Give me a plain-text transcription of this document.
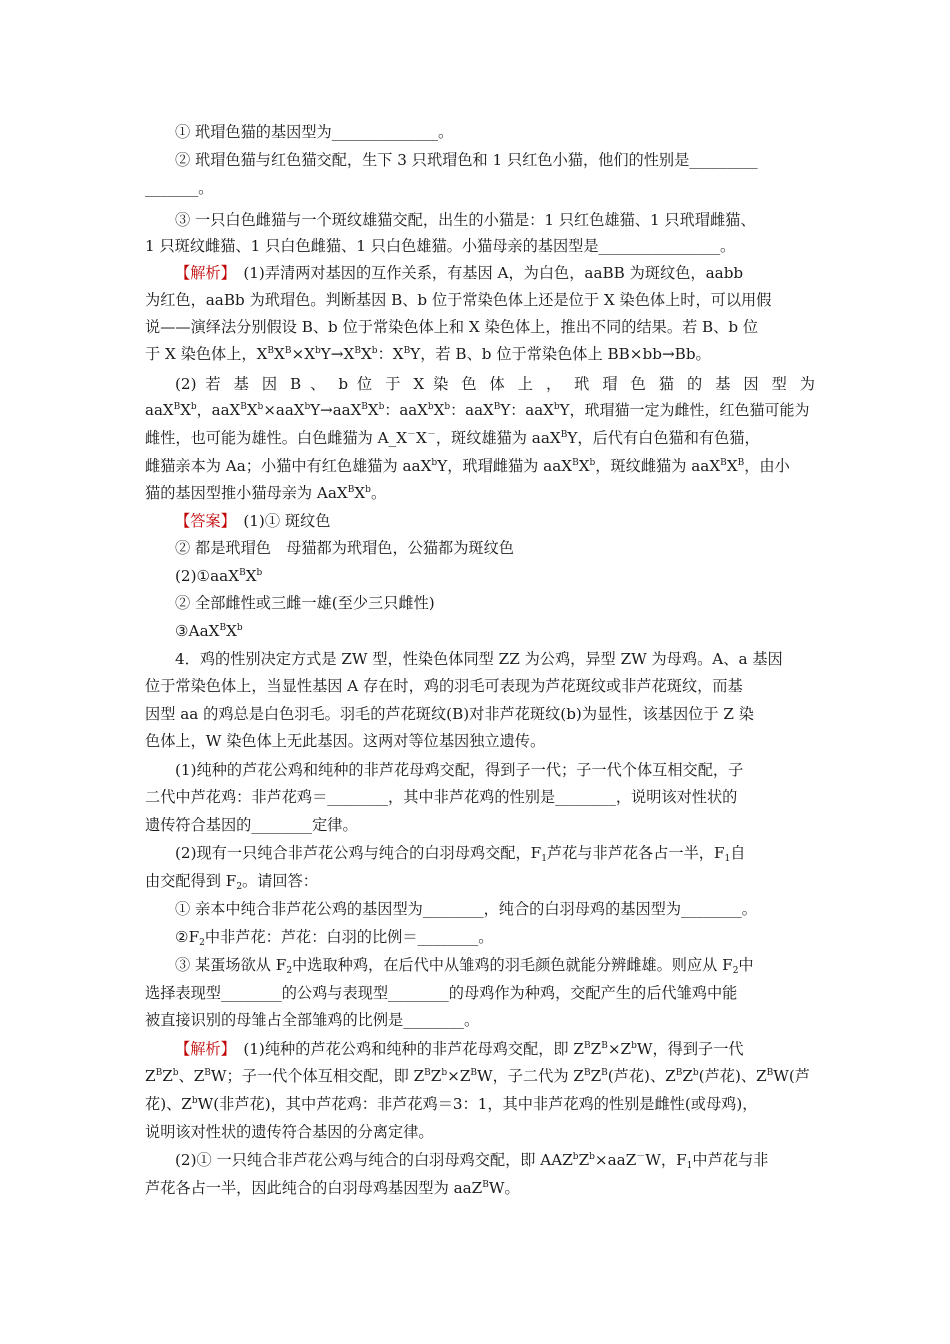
① 玳瑁色猫的基因型为______________。
② 玳瑁色猫与红色猫交配，生下 3 只玳瑁色和 1 只红色小猫，他们的性别是_________
_______。
③ 一只白色雌猫与一个斑纹雄猫交配，出生的小猫是：1 只红色雄猫、1 只玳瑁雌猫、
1 只斑纹雌猫、1 只白色雌猫、1 只白色雄猫。小猫母亲的基因型是________________。
【解析】　 (1)弄清两对基因的互作关系，有基因 A，为白色，aaBB 为斑纹色，aabb
为红色，aaBb 为玳瑁色。判断基因 B、b 位于常染色体上还是位于 X 染色体上时，可以用假
说——演绎法分别假设 B、b 位于常染色体上和 X 染色体上，推出不同的结果。若 B、b 位
于 X 染色体上，$X^BX^B\times X^bY\to X^BX^b$：$X^BY$，若 B、b 位于常染色体上 BB×bb→Bb。
(2) 若 基 因 B 、 b 位 于 X 染 色 体 上 ， 玳 瑁 色 猫 的 基 因 型 为
$aaX^BX^b$，$aaX^BX^b\times aaX^bY\to aaX^BX^b$：$aaX^bX^b$：aaX$^B$Y：aaX$^b$Y，玳瑁猫一定为雌性，红色猫可能为
雌性，也可能为雄性。白色雌猫为 A_X－X－，斑纹雄猫为 aaX$^B$Y，后代有白色猫和有色猫，
雌猫亲本为 Aa；小猫中有红色雄猫为 aaX$^b$Y，玳瑁雌猫为 $aaX^BX^b$，斑纹雌猫为 $aaX^BX^B$，由小
猫的基因型推小猫母亲为 $AaX^BX^b$。
【答案】　 (1)① 斑纹色
② 都是玳瑁色　母猫都为玳瑁色，公猫都为斑纹色
$(2)①aaX^BX^b$
② 全部雌性或三雌一雄(至少三只雌性)
$③AaX^BX^b$
4．鸡的性别决定方式是 ZW 型，性染色体同型 ZZ 为公鸡，异型 ZW 为母鸡。A、a 基因
位于常染色体上，当显性基因 A 存在时，鸡的羽毛可表现为芦花斑纹或非芦花斑纹，而基
因型 aa 的鸡总是白色羽毛。羽毛的芦花斑纹(B)对非芦花斑纹(b)为显性，该基因位于 Z 染
色体上，W 染色体上无此基因。这两对等位基因独立遗传。
(1)纯种的芦花公鸡和纯种的非芦花母鸡交配，得到子一代；子一代个体互相交配，子
二代中芦花鸡：非芦花鸡＝________，其中非芦花鸡的性别是________，说明该对性状的
遗传符合基因的________定律。
(2)现有一只纯合非芦花公鸡与纯合的白羽母鸡交配，$F_1$芦花与非芦花各占一半，$F_1$自
由交配得到 $F_2$。请回答：
① 亲本中纯合非芦花公鸡的基因型为________，纯合的白羽母鸡的基因型为________。
$②F_2$中非芦花：芦花：白羽的比例＝________。
③ 某蛋场欲从 $F_2$中选取种鸡，在后代中从雏鸡的羽毛颜色就能分辨雌雄。则应从 $F_2$中
选择表现型________的公鸡与表现型________的母鸡作为种鸡，交配产生的后代雏鸡中能
被直接识别的母雏占全部雏鸡的比例是________。
【解析】　 (1)纯种的芦花公鸡和纯种的非芦花母鸡交配，即 $Z^BZ^B\times Z^bW$，得到子一代
$Z^BZ^b$、$Z^BW$；子一代个体互相交配，即 $Z^BZ^b\times Z^BW$，子二代为 $Z^BZ^B$(芦花)、$Z^BZ^b$(芦花)、$Z^BW$(芦
花)、$Z^bW$(非芦花)，其中芦花鸡：非芦花鸡＝3：1，其中非芦花鸡的性别是雌性(或母鸡)，
说明该对性状的遗传符合基因的分离定律。
(2)① 一只纯合非芦花公鸡与纯合的白羽母鸡交配，即 $AAZ^bZ^b\times aaZ^-W$，$F_1$中芦花与非
芦花各占一半，因此纯合的白羽母鸡基因型为 aaZ$^B$W。
